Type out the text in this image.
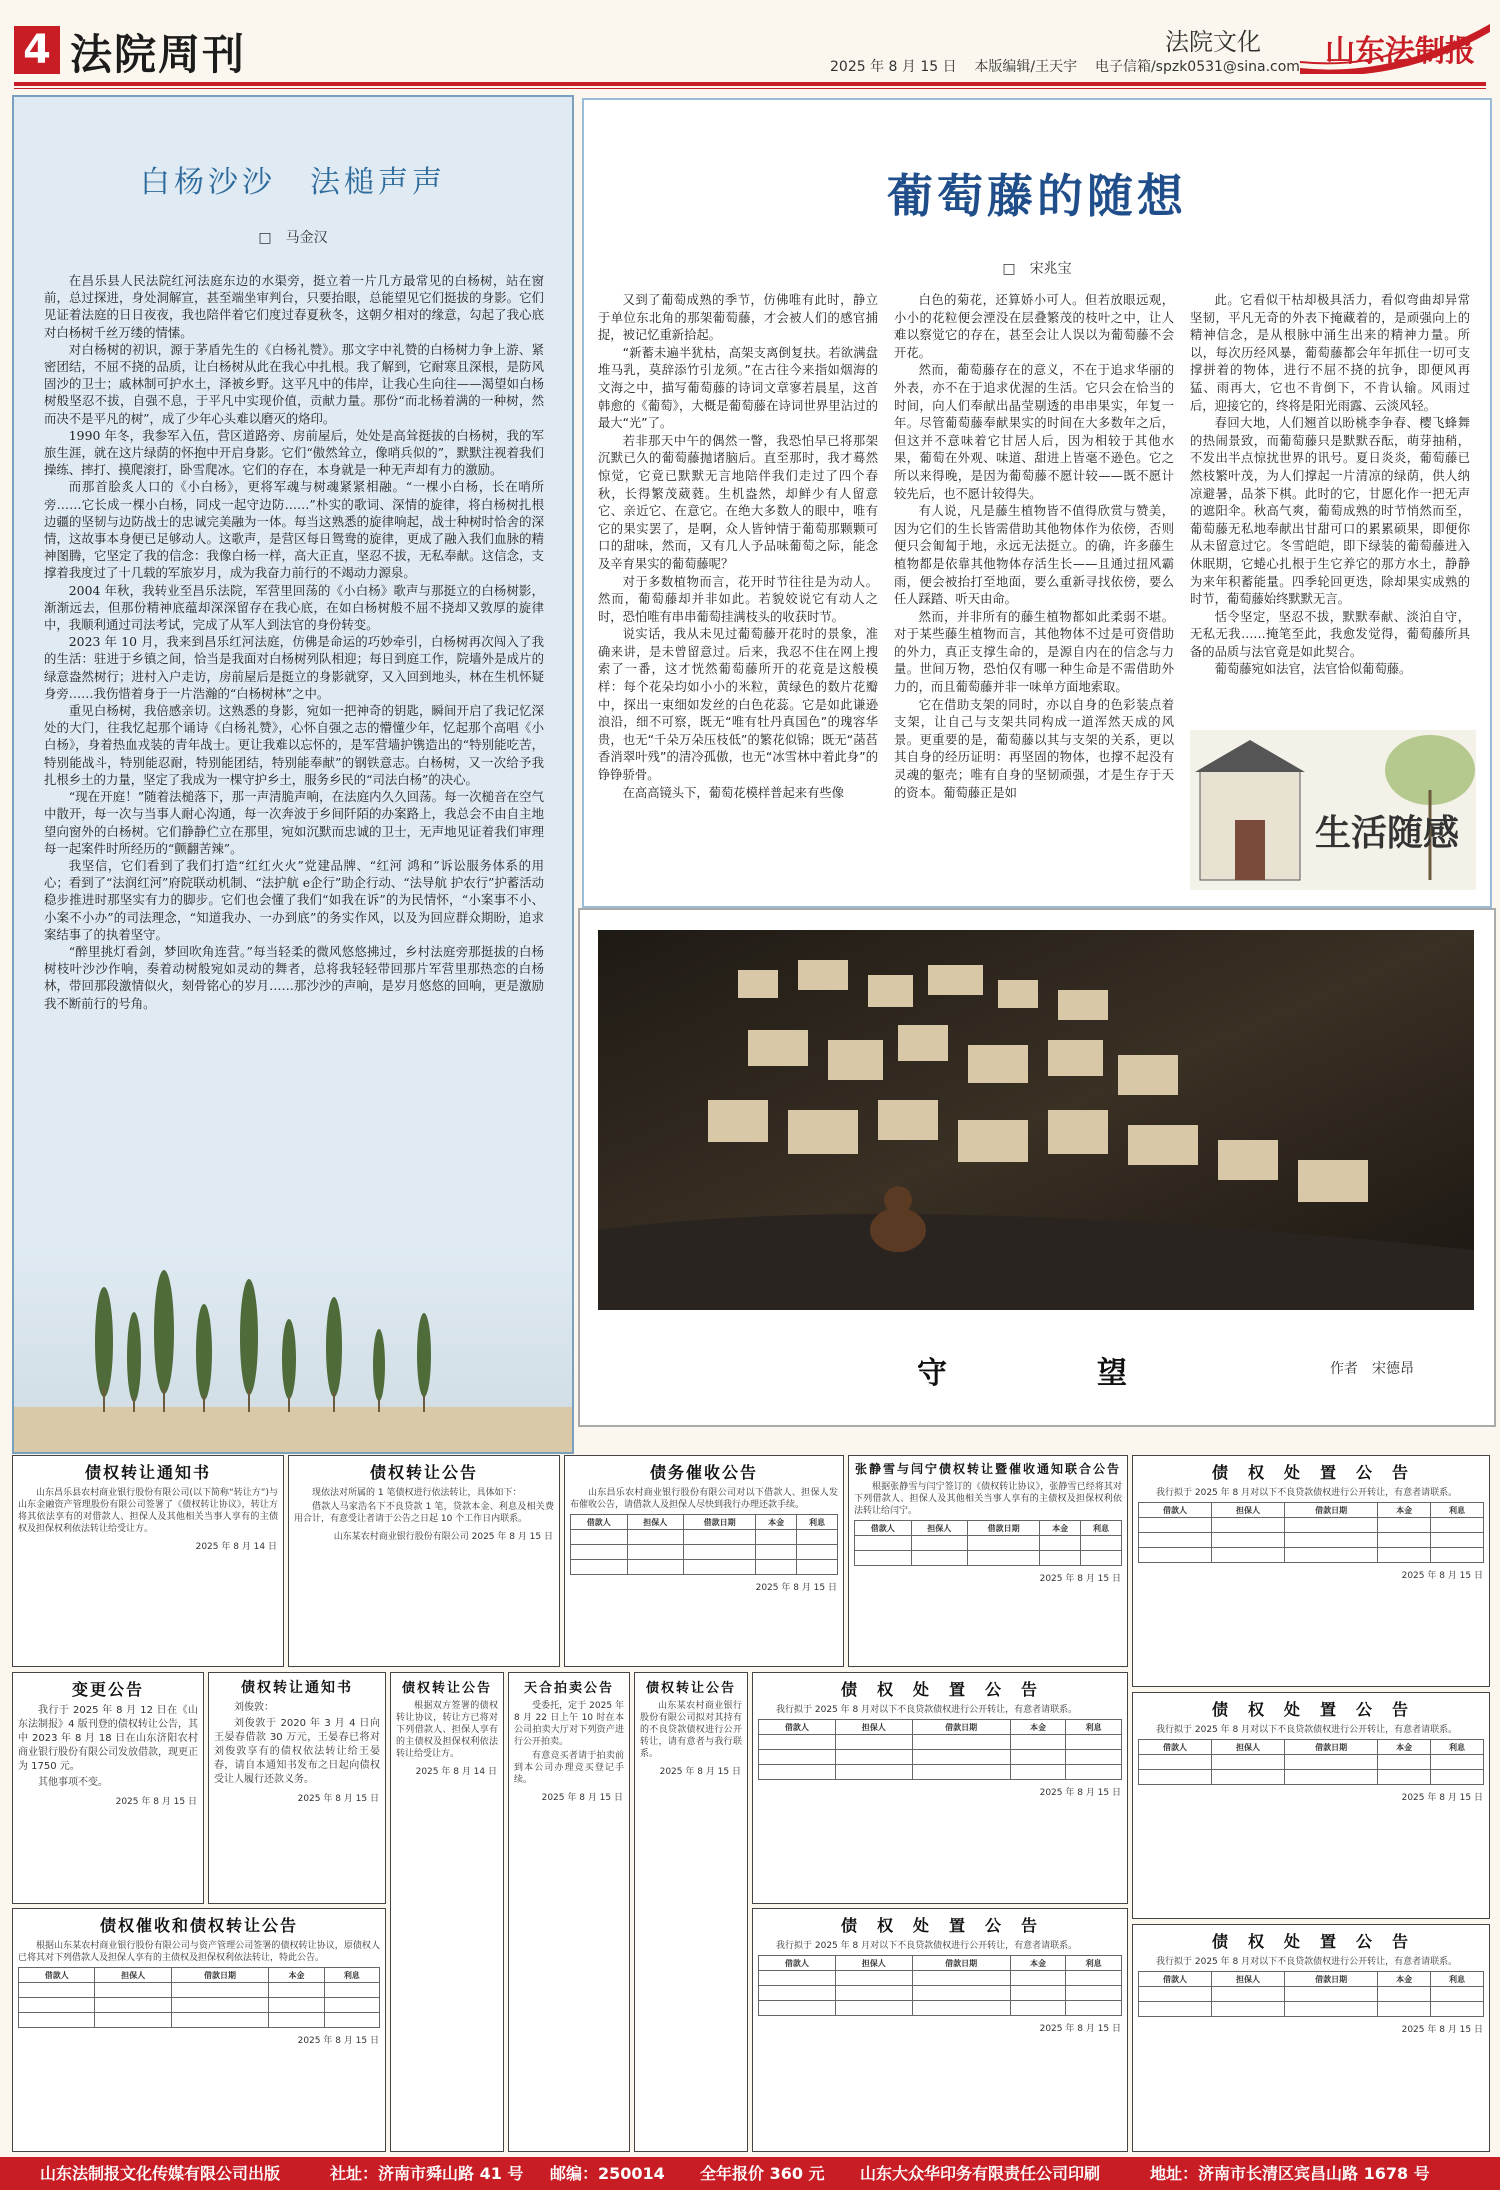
4 法院周刊	法院文化 山东法制报
2025 年 8 月 15 日 本版编辑/王天宇 电子信箱/spzk0531@sina.com
白杨沙沙　法槌声声
□　马金汉

在昌乐县人民法院红河法庭东边的水渠旁，挺立着一片几方最常见的白杨树，站在窗前，总过探进，身处洞解宣，甚至端坐审判台，只要抬眼，总能望见它们挺拔的身影。它们见证着法庭的日日夜夜，我也陪伴着它们度过春夏秋冬，这朝夕相对的缘意，勾起了我心底对白杨树千丝万缕的情愫。

对白杨树的初识，源于茅盾先生的《白杨礼赞》。那文字中礼赞的白杨树力争上游、紧密团结，不屈不挠的品质，让白杨树从此在我心中扎根。我了解到，它耐寒且深根，是防风固沙的卫士；戚林制可护水土，泽被乡野。这平凡中的伟岸，让我心生向往——渴望如白杨树般坚忍不拔，自强不息，于平凡中实现价值，贡献力量。那份“而北杨着满的一种树，然而决不是平凡的树”，成了少年心头难以磨灭的烙印。

1990 年冬，我参军入伍，营区道路旁、房前屋后，处处是高耸挺拔的白杨树，我的军旅生涯，就在这片绿荫的怀抱中开启身影。它们“傲然耸立，像哨兵似的”，默默注视着我们操练、摔打、摸爬滚打，卧雪爬冰。它们的存在，本身就是一种无声却有力的激励。

而那首脍炙人口的《小白杨》，更将军魂与树魂紧紧相融。“一棵小白杨，长在哨所旁……它长成一棵小白杨，同戍一起守边防……”朴实的歌词、深情的旋律，将白杨树扎根边疆的坚韧与边防战士的忠诚完美融为一体。每当这熟悉的旋律响起，战士种树时恰舍的深情，这故事本身便已足够动人。这歌声，是营区每日鸳鸯的旋律，更成了融入我们血脉的精神图腾，它坚定了我的信念：我像白杨一样，高大正直，坚忍不拔，无私奉献。这信念，支撑着我度过了十几载的军旅岁月，成为我奋力前行的不竭动力源泉。

2004 年秋，我转业至昌乐法院，军营里回荡的《小白杨》歌声与那挺立的白杨树影，渐渐远去，但那份精神底蕴却深深留存在我心底，在如白杨树般不屈不挠却又敦厚的旋律中，我顺利通过司法考试，完成了从军人到法官的身份转变。

2023 年 10 月，我来到昌乐红河法庭，仿佛是命运的巧妙牵引，白杨树再次闯入了我的生活：驻进于乡镇之间，恰当是我面对白杨树列队相迎；每日到庭工作，院墙外是成片的绿意盎然树行；进村入户走访，房前屋后是挺立的身影就穿，又入回到地头，林在生机怀疑身旁……我伤惜着身于一片浩瀚的“白杨树林”之中。

重见白杨树，我倍感亲切。这熟悉的身影，宛如一把神奇的钥匙，瞬间开启了我记忆深处的大门，往我忆起那个诵诗《白杨礼赞》，心怀自强之志的懵懂少年，忆起那个高唱《小白杨》，身着热血戎装的青年战士。更让我难以忘怀的，是军营墙护镌造出的“特别能吃苦，特别能战斗，特别能忍耐，特别能团结，特别能奉献”的钢铁意志。白杨树，又一次给予我扎根乡土的力量，坚定了我成为一棵守护乡土，服务乡民的“司法白杨”的决心。

“现在开庭！”随着法槌落下，那一声清脆声响，在法庭内久久回荡。每一次槌音在空气中散开，每一次与当事人耐心沟通，每一次奔波于乡间阡陌的办案路上，我总会不由自主地望向窗外的白杨树。它们静静伫立在那里，宛如沉默而忠诚的卫士，无声地见证着我们审理每一起案件时所经历的“颤翻苦辣”。

我坚信，它们看到了我们打造“红红火火”党建品牌、“红河 鸿和”诉讼服务体系的用心；看到了“法润红河”府院联动机制、“法护航 e企行”助企行动、“法导航 护农行”护蓄活动稳步推进时那坚实有力的脚步。它们也会懂了我们“如我在诉”的为民情怀，“小案事不小、小案不小办”的司法理念，“知道我办、一办到底”的务实作风，以及为回应群众期盼，追求案结事了的执着坚守。

“醉里挑灯看剑，梦回吹角连营。”每当轻柔的微风悠悠拂过，乡村法庭旁那挺拔的白杨树枝叶沙沙作响，奏着动树般宛如灵动的舞者，总将我轻轻带回那片军营里那热恋的白杨林，带回那段激情似火，刻骨铭心的岁月……那沙沙的声响，是岁月悠悠的回响，更是激励我不断前行的号角。

葡萄藤的随想
□　宋兆宝

又到了葡萄成熟的季节，仿佛唯有此时，静立于单位东北角的那架葡萄藤，才会被人们的感官捕捉，被记忆重新拾起。

“新蓄未遍半犹枯，高架支离倒复扶。若欲满盘堆马乳，莫辞添竹引龙须。”在古往今来指如烟海的文海之中，描写葡萄藤的诗词文章寥若晨星，这首韩愈的《葡萄》，大概是葡萄藤在诗词世界里沾过的最大“光”了。

若非那天中午的偶然一瞥，我恐怕早已将那架沉默已久的葡萄藤抛诸脑后。直至那时，我才蓦然惊觉，它竟已默默无言地陪伴我们走过了四个春秋，长得繁茂葳蕤。生机盎然，却鲜少有人留意它、亲近它、在意它。在绝大多数人的眼中，唯有它的果实罢了，是啊，众人皆钟情于葡萄那颗颗可口的甜味，然而，又有几人予品味葡萄之际，能念及辛育果实的葡萄藤呢？

对于多数植物而言，花开时节往往是为动人。然而，葡萄藤却并非如此。若貌姣说它有动人之时，恐怕唯有串串葡萄挂满枝头的收获时节。

说实话，我从未见过葡萄藤开花时的景象，准确来讲，是未曾留意过。后来，我忍不住在网上搜索了一番，这才恍然葡萄藤所开的花竟是这般模样：每个花朵均如小小的米粒，黄绿色的数片花瓣中，探出一束细如发丝的白色花蕊。它是如此谦逊浪沿，细不可察，既无“唯有牡丹真国色”的瑰容华贵，也无“千朵万朵压枝低”的繁花似锦；既无“菡萏香消翠叶残”的清冷孤傲，也无“冰雪林中着此身”的铮铮骄骨。

在高高镜头下，葡萄花模样普起来有些像

白色的菊花，还算娇小可人。但若放眼远观，小小的花粒便会湮没在层叠繁茂的枝叶之中，让人难以察觉它的存在，甚至会让人误以为葡萄藤不会开花。

然而，葡萄藤存在的意义，不在于追求华丽的外表，亦不在于追求优渥的生活。它只会在恰当的时间，向人们奉献出晶莹剔透的串串果实，年复一年。尽管葡萄藤奉献果实的时间在大多数年之后，但这并不意味着它甘居人后，因为相较于其他水果，葡萄在外观、味道、甜进上皆毫不逊色。它之所以来得晚，是因为葡萄藤不愿计较——既不愿计较先后，也不愿计较得失。

有人说，凡是藤生植物皆不值得欣赏与赞美，因为它们的生长皆需借助其他物体作为依傍，否则便只会匍匐于地，永远无法挺立。的确，许多藤生植物都是依靠其他物体存活生长——且通过扭风霸雨，便会被抬打至地面，要么重新寻找依傍，要么任人踩踏、听天由命。

然而，并非所有的藤生植物都如此柔弱不堪。对于某些藤生植物而言，其他物体不过是可资借助的外力，真正支撑生命的，是源自内在的信念与力量。世间万物，恐怕仅有哪一种生命是不需借助外力的，而且葡萄藤并非一味单方面地索取。

它在借助支架的同时，亦以自身的色彩装点着支架，让自己与支架共同构成一道浑然天成的风景。更重要的是，葡萄藤以其与支架的关系，更以其自身的经历证明：再坚固的物体，也撑不起没有灵魂的躯壳；唯有自身的坚韧顽强，才是生存于天的资本。葡萄藤正是如

此。它看似干枯却极具活力，看似弯曲却异常坚韧，平凡无奇的外表下掩藏着的，是顽强向上的精神信念，是从根脉中涌生出来的精神力量。所以，每次历经风暴，葡萄藤都会年年抓住一切可支撑拼着的物体，进行不屈不挠的抗争，即便风再猛、雨再大，它也不肯倒下，不肯认输。风雨过后，迎接它的，终将是阳光雨露、云淡风轻。

春回大地，人们翘首以盼桃李争春、樱飞蜂舞的热闹景致，而葡萄藤只是默默吞酝，萌芽抽稍，不发出半点惊扰世界的讯号。夏日炎炎，葡萄藤已然枝繁叶茂，为人们撑起一片清凉的绿荫，供人纳凉避暑，品茶下棋。此时的它，甘愿化作一把无声的遮阳伞。秋高气爽，葡萄成熟的时节悄然而至，葡萄藤无私地奉献出甘甜可口的累累硕果，即便你从未留意过它。冬雪皑皑，即下绿装的葡萄藤进入休眠期，它蜷心扎根于生它养它的那方水土，静静为来年积蓄能量。四季轮回更迭，除却果实成熟的时节，葡萄藤始终默默无言。

恬令坚定，坚忍不拔，默默奉献、淡泊自守，无私无我……掩笔至此，我愈发觉得，葡萄藤所具备的品质与法官竟是如此契合。

葡萄藤宛如法官，法官恰似葡萄藤。

生活随感
守　　望	作者　宋德昂
债权转让通知书

山东昌乐县农村商业银行股份有限公司(以下简称“转让方”)与山东金融资产管理股份有限公司签署了《债权转让协议》，转让方将其依法享有的对借款人、担保人及其他相关当事人享有的主债权及担保权利依法转让给受让方。

2025 年 8 月 14 日
债权转让公告

现依法对所属的 1 笔债权进行依法转让，具体如下：

借款人马家浩名下不良贷款 1 笔，贷款本金、利息及相关费用合计，有意受让者请于公告之日起 10 个工作日内联系。

山东某农村商业银行股份有限公司 2025 年 8 月 15 日
债务催收公告

山东昌乐农村商业银行股份有限公司对以下借款人、担保人发布催收公告，请借款人及担保人尽快到我行办理还款手续。

借款人	担保人	借款日期	本金	利息

2025 年 8 月 15 日
张静雪与闫宁债权转让暨催收通知联合公告

根据张静雪与闫宁签订的《债权转让协议》，张静雪已经将其对下列借款人、担保人及其他相关当事人享有的主债权及担保权利依法转让给闫宁。

借款人	担保人	借款日期	本金	利息

2025 年 8 月 15 日
债　权　处　置　公　告

我行拟于 2025 年 8 月对以下不良贷款债权进行公开转让，有意者请联系。

借款人	担保人	借款日期	本金	利息

2025 年 8 月 15 日
变更公告

我行于 2025 年 8 月 12 日在《山东法制报》4 版刊登的债权转让公告，其中 2023 年 8 月 18 日在山东济阳农村商业银行股份有限公司发放借款，现更正为 1750 元。

其他事项不变。

2025 年 8 月 15 日
债权转让通知书

刘俊敦：

刘俊敦于 2020 年 3 月 4 日向王晏春借款 30 万元，王晏春已将对刘俊敦享有的债权依法转让给王晏春，请自本通知书发布之日起向债权受让人履行还款义务。

2025 年 8 月 15 日
债权转让公告

根据双方签署的债权转让协议，转让方已将对下列借款人、担保人享有的主债权及担保权利依法转让给受让方。

2025 年 8 月 14 日
天合拍卖公告

受委托，定于 2025 年 8 月 22 日上午 10 时在本公司拍卖大厅对下列资产进行公开拍卖。

有意竞买者请于拍卖前到本公司办理竞买登记手续。

2025 年 8 月 15 日
债权转让公告

山东某农村商业银行股份有限公司拟对其持有的不良贷款债权进行公开转让，请有意者与我行联系。

2025 年 8 月 15 日
债　权　处　置　公　告

我行拟于 2025 年 8 月对以下不良贷款债权进行公开转让，有意者请联系。

借款人	担保人	借款日期	本金	利息

2025 年 8 月 15 日
债　权　处　置　公　告

我行拟于 2025 年 8 月对以下不良贷款债权进行公开转让，有意者请联系。

借款人	担保人	借款日期	本金	利息

2025 年 8 月 15 日
债权催收和债权转让公告

根据山东某农村商业银行股份有限公司与资产管理公司签署的债权转让协议，原债权人已将其对下列借款人及担保人享有的主债权及担保权利依法转让，特此公告。

借款人	担保人	借款日期	本金	利息

2025 年 8 月 15 日
债　权　处　置　公　告

我行拟于 2025 年 8 月对以下不良贷款债权进行公开转让，有意者请联系。

借款人	担保人	借款日期	本金	利息

2025 年 8 月 15 日
债　权　处　置　公　告

我行拟于 2025 年 8 月对以下不良贷款债权进行公开转让，有意者请联系。

借款人	担保人	借款日期	本金	利息

2025 年 8 月 15 日
山东法制报文化传媒有限公司出版	社址：济南市舜山路 41 号 邮编：250014 全年报价 360 元 山东大众华印务有限责任公司印刷	地址：济南市长清区宾昌山路 1678 号
